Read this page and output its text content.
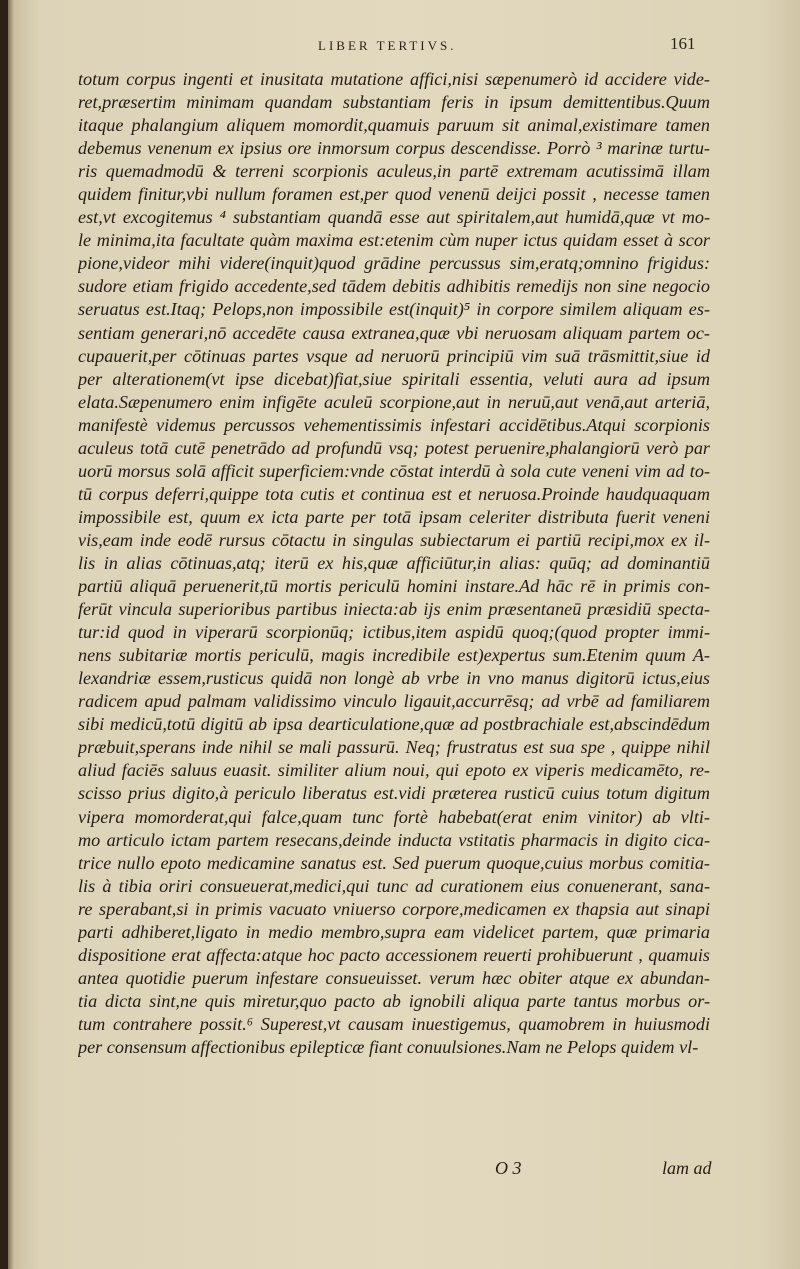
LIBER TERTIVS.	161
totum corpus ingenti et inusitata mutatione affici,nisi sæpenumerò id accidere vide-
ret,præsertim minimam quandam substantiam feris in ipsum demittentibus.Quum
itaque phalangium aliquem momordit,quamuis paruum sit animal,existimare tamen
debemus venenum ex ipsius ore inmorsum corpus descendisse. Porrò ³ marinæ turtu-
ris quemadmodū & terreni scorpionis aculeus,in partē extremam acutissimā illam
quidem finitur,vbi nullum foramen est,per quod venenū deijci possit , necesse tamen
est,vt excogitemus ⁴ substantiam quandā esse aut spiritalem,aut humidā,quæ vt mo-
le minima,ita facultate quàm maxima est:etenim cùm nuper ictus quidam esset à scor
pione,videor mihi videre(inquit)quod grādine percussus sim,eratq;omnino frigidus:
sudore etiam frigido accedente,sed tādem debitis adhibitis remedijs non sine negocio
seruatus est.Itaq; Pelops,non impossibile est(inquit)⁵ in corpore similem aliquam es-
sentiam generari,nō accedēte causa extranea,quæ vbi neruosam aliquam partem oc-
cupauerit,per cōtinuas partes vsque ad neruorū principiū vim suā trāsmittit,siue id
per alterationem(vt ipse dicebat)fiat,siue spiritali essentia, veluti aura ad ipsum
elata.Sæpenumero enim infigēte aculeū scorpione,aut in neruū,aut venā,aut arteriā,
manifestè videmus percussos vehementissimis infestari accidētibus.Atqui scorpionis
aculeus totā cutē penetrādo ad profundū vsq; potest peruenire,phalangiorū verò par
uorū morsus solā afficit superficiem:vnde cōstat interdū à sola cute veneni vim ad to-
tū corpus deferri,quippe tota cutis et continua est et neruosa.Proinde haudquaquam
impossibile est, quum ex icta parte per totā ipsam celeriter distributa fuerit veneni
vis,eam inde eodē rursus cōtactu in singulas subiectarum ei partiū recipi,mox ex il-
lis in alias cōtinuas,atq; iterū ex his,quæ afficiūtur,in alias: quūq; ad dominantiū
partiū aliquā peruenerit,tū mortis periculū homini instare.Ad hāc rē in primis con-
ferūt vincula superioribus partibus iniecta:ab ijs enim præsentaneū præsidiū specta-
tur:id quod in viperarū scorpionūq; ictibus,item aspidū quoq;(quod propter immi-
nens subitariæ mortis periculū, magis incredibile est)expertus sum.Etenim quum A-
lexandriæ essem,rusticus quidā non longè ab vrbe in vno manus digitorū ictus,eius
radicem apud palmam validissimo vinculo ligauit,accurrēsq; ad vrbē ad familiarem
sibi medicū,totū digitū ab ipsa dearticulatione,quæ ad postbrachiale est,abscindēdum
præbuit,sperans inde nihil se mali passurū. Neq; frustratus est sua spe , quippe nihil
aliud faciēs saluus euasit. similiter alium noui, qui epoto ex viperis medicamēto, re-
scisso prius digito,à periculo liberatus est.vidi præterea rusticū cuius totum digitum
vipera momorderat,qui falce,quam tunc fortè habebat(erat enim vinitor) ab vlti-
mo articulo ictam partem resecans,deinde inducta vstitatis pharmacis in digito cica-
trice nullo epoto medicamine sanatus est. Sed puerum quoque,cuius morbus comitia-
lis à tibia oriri consueuerat,medici,qui tunc ad curationem eius conuenerant, sana-
re sperabant,si in primis vacuato vniuerso corpore,medicamen ex thapsia aut sinapi
parti adhiberet,ligato in medio membro,supra eam videlicet partem, quæ primaria
dispositione erat affecta:atque hoc pacto accessionem reuerti prohibuerunt , quamuis
antea quotidie puerum infestare consueuisset. verum hæc obiter atque ex abundan-
tia dicta sint,ne quis miretur,quo pacto ab ignobili aliqua parte tantus morbus or-
tum contrahere possit.⁶ Superest,vt causam inuestigemus, quamobrem in huiusmodi
per consensum affectionibus epilepticæ fiant conuulsiones.Nam ne Pelops quidem vl-
O 3	lam ad
